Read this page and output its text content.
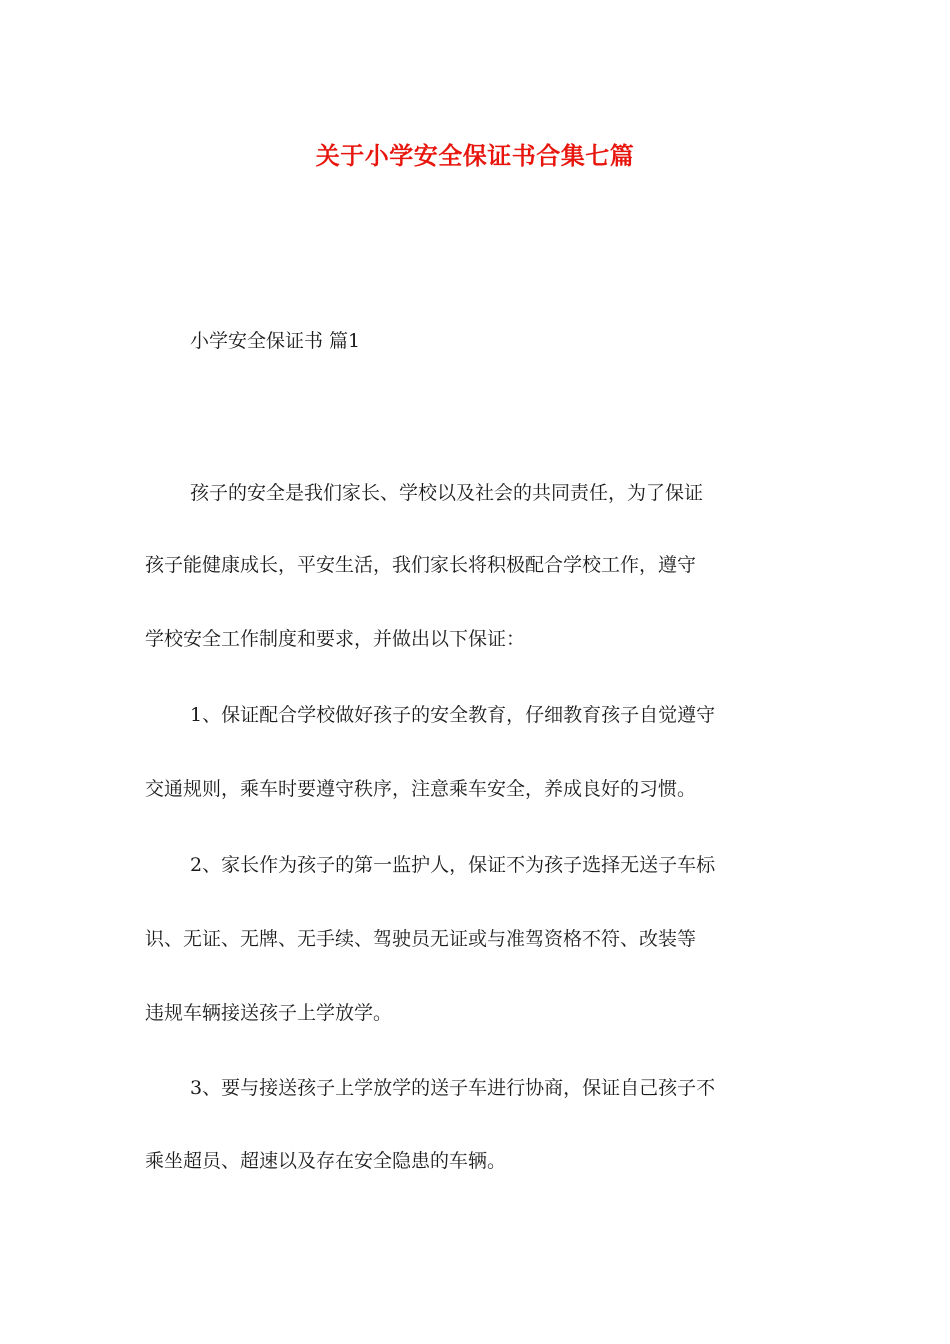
关于小学安全保证书合集七篇

小学安全保证书 篇1

孩子的安全是我们家长、学校以及社会的共同责任，为了保证

孩子能健康成长，平安生活，我们家长将积极配合学校工作，遵守

学校安全工作制度和要求，并做出以下保证：

1、保证配合学校做好孩子的安全教育，仔细教育孩子自觉遵守

交通规则，乘车时要遵守秩序，注意乘车安全，养成良好的习惯。

2、家长作为孩子的第一监护人，保证不为孩子选择无送子车标

识、无证、无牌、无手续、驾驶员无证或与准驾资格不符、改装等

违规车辆接送孩子上学放学。

3、要与接送孩子上学放学的送子车进行协商，保证自己孩子不

乘坐超员、超速以及存在安全隐患的车辆。
